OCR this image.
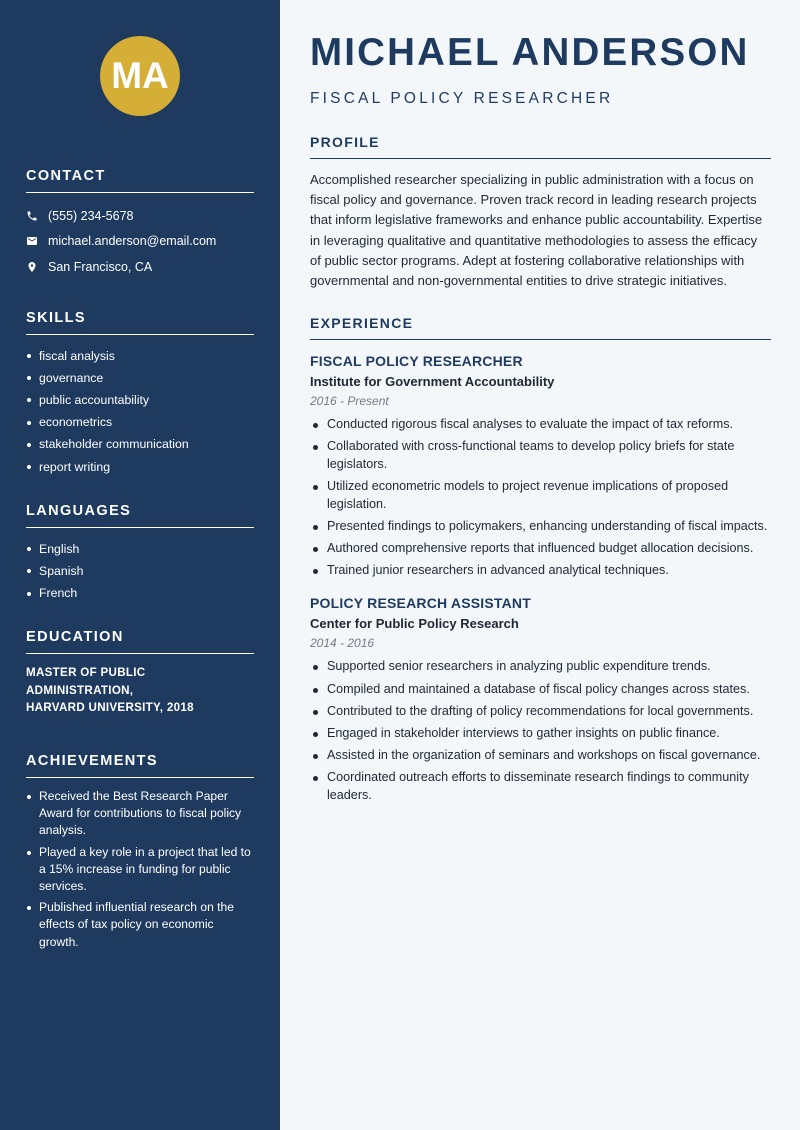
MA
CONTACT
(555) 234-5678
michael.anderson@email.com
San Francisco, CA
SKILLS
fiscal analysis
governance
public accountability
econometrics
stakeholder communication
report writing
LANGUAGES
English
Spanish
French
EDUCATION
MASTER OF PUBLIC ADMINISTRATION,
HARVARD UNIVERSITY, 2018
ACHIEVEMENTS
Received the Best Research Paper Award for contributions to fiscal policy analysis.
Played a key role in a project that led to a 15% increase in funding for public services.
Published influential research on the effects of tax policy on economic growth.
MICHAEL ANDERSON
FISCAL POLICY RESEARCHER
PROFILE

Accomplished researcher specializing in public administration with a focus on fiscal policy and governance. Proven track record in leading research projects that inform legislative frameworks and enhance public accountability. Expertise in leveraging qualitative and quantitative methodologies to assess the efficacy of public sector programs. Adept at fostering collaborative relationships with governmental and non-governmental entities to drive strategic initiatives.

EXPERIENCE
FISCAL POLICY RESEARCHER
Institute for Government Accountability
2016 - Present
Conducted rigorous fiscal analyses to evaluate the impact of tax reforms.
Collaborated with cross-functional teams to develop policy briefs for state legislators.
Utilized econometric models to project revenue implications of proposed legislation.
Presented findings to policymakers, enhancing understanding of fiscal impacts.
Authored comprehensive reports that influenced budget allocation decisions.
Trained junior researchers in advanced analytical techniques.
POLICY RESEARCH ASSISTANT
Center for Public Policy Research
2014 - 2016
Supported senior researchers in analyzing public expenditure trends.
Compiled and maintained a database of fiscal policy changes across states.
Contributed to the drafting of policy recommendations for local governments.
Engaged in stakeholder interviews to gather insights on public finance.
Assisted in the organization of seminars and workshops on fiscal governance.
Coordinated outreach efforts to disseminate research findings to community leaders.
